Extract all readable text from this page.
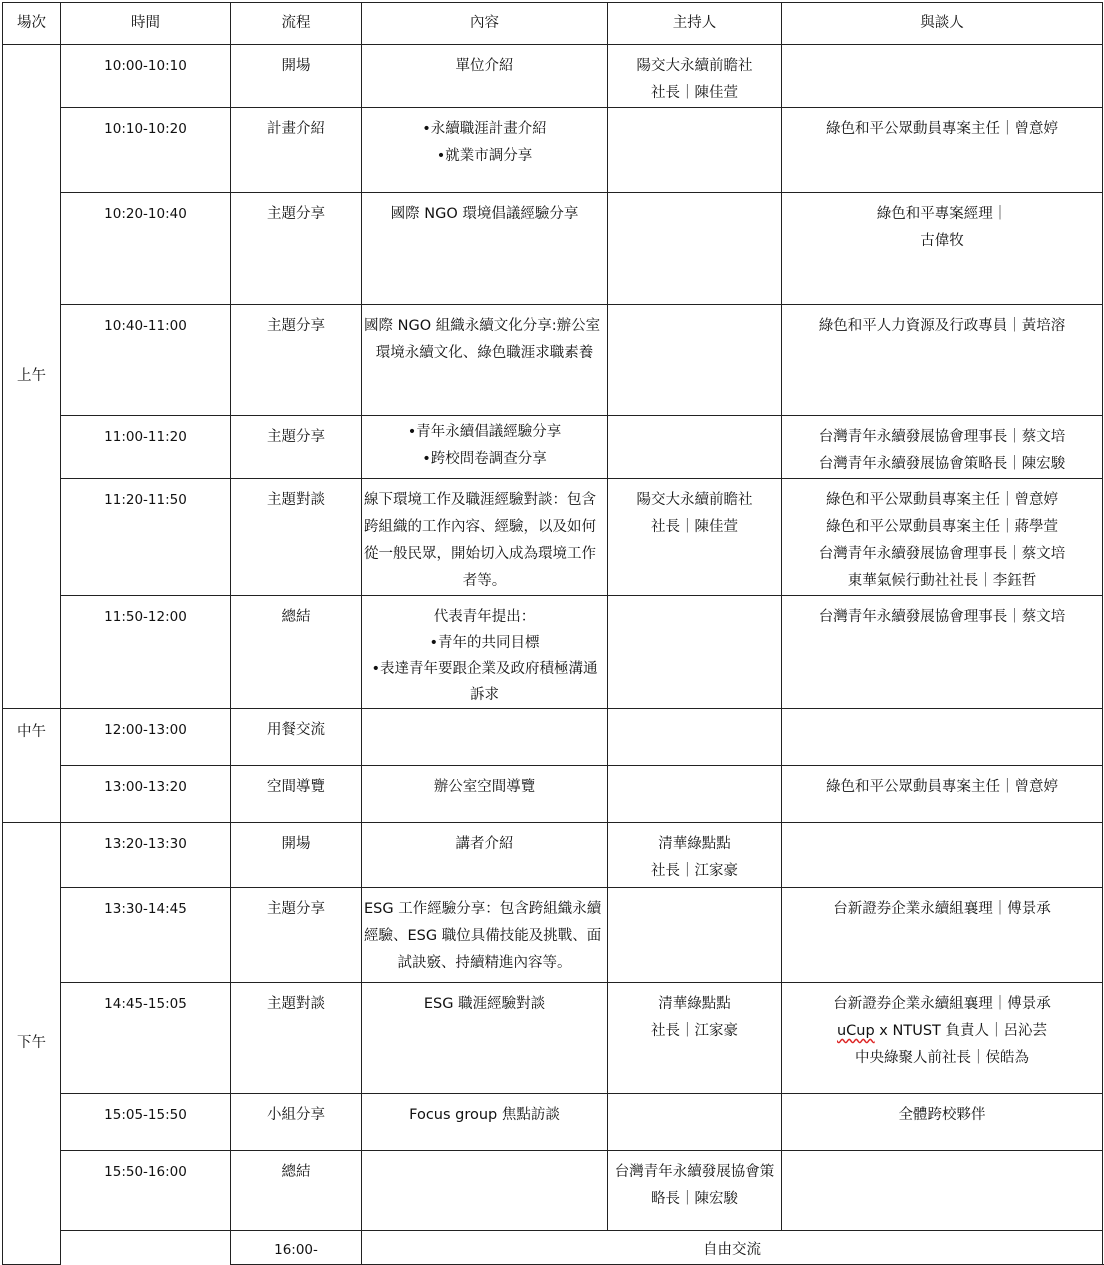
場次	時間	流程	內容	主持人	與談人
上午	10:00-10:10	開場	單位介紹	陽交大永續前瞻社
社長｜陳佳萱	

	10:10-10:20	計畫介紹	•永續職涯計畫介紹
•就業市調分享		綠色和平公眾動員專案主任｜曾意婷

	10:20-10:40	主題分享	國際 NGO 環境倡議經驗分享		綠色和平專案經理｜
古偉牧

	10:40-11:00	主題分享	國際 NGO 組織永續文化分享:辦公室
環境永續文化、綠色職涯求職素養		綠色和平人力資源及行政專員｜黃培溶

	11:00-11:20	主題分享	•青年永續倡議經驗分享
•跨校問卷調查分享		台灣青年永續發展協會理事長｜蔡文培
台灣青年永續發展協會策略長｜陳宏駿

	11:20-11:50	主題對談	線下環境工作及職涯經驗對談：包含
跨組織的工作內容、經驗，以及如何
從一般民眾，開始切入成為環境工作
者等。	陽交大永續前瞻社
社長｜陳佳萱	綠色和平公眾動員專案主任｜曾意婷
綠色和平公眾動員專案主任｜蔣學萱
台灣青年永續發展協會理事長｜蔡文培
東華氣候行動社社長｜李鈺哲

	11:50-12:00	總結	代表青年提出：
•青年的共同目標
•表達青年要跟企業及政府積極溝通
訴求		台灣青年永續發展協會理事長｜蔡文培

中午	12:00-13:00	用餐交流			
	13:00-13:20	空間導覽	辦公室空間導覽		綠色和平公眾動員專案主任｜曾意婷

下午	13:20-13:30	開場	講者介紹	清華綠點點
社長｜江家豪	

	13:30-14:45	主題分享	ESG 工作經驗分享：包含跨組織永續
經驗、ESG 職位具備技能及挑戰、面
試訣竅、持續精進內容等。		台新證券企業永續組襄理｜傅景承

	14:45-15:05	主題對談	ESG 職涯經驗對談	清華綠點點
社長｜江家豪	台新證券企業永續組襄理｜傅景承
uCup x NTUST 負責人｜呂沁芸
中央綠聚人前社長｜侯皓為

	15:05-15:50	小組分享	Focus group 焦點訪談		全體跨校夥伴

	15:50-16:00	總結		台灣青年永續發展協會策
略長｜陳宏駿	

		16:00-	自由交流		
